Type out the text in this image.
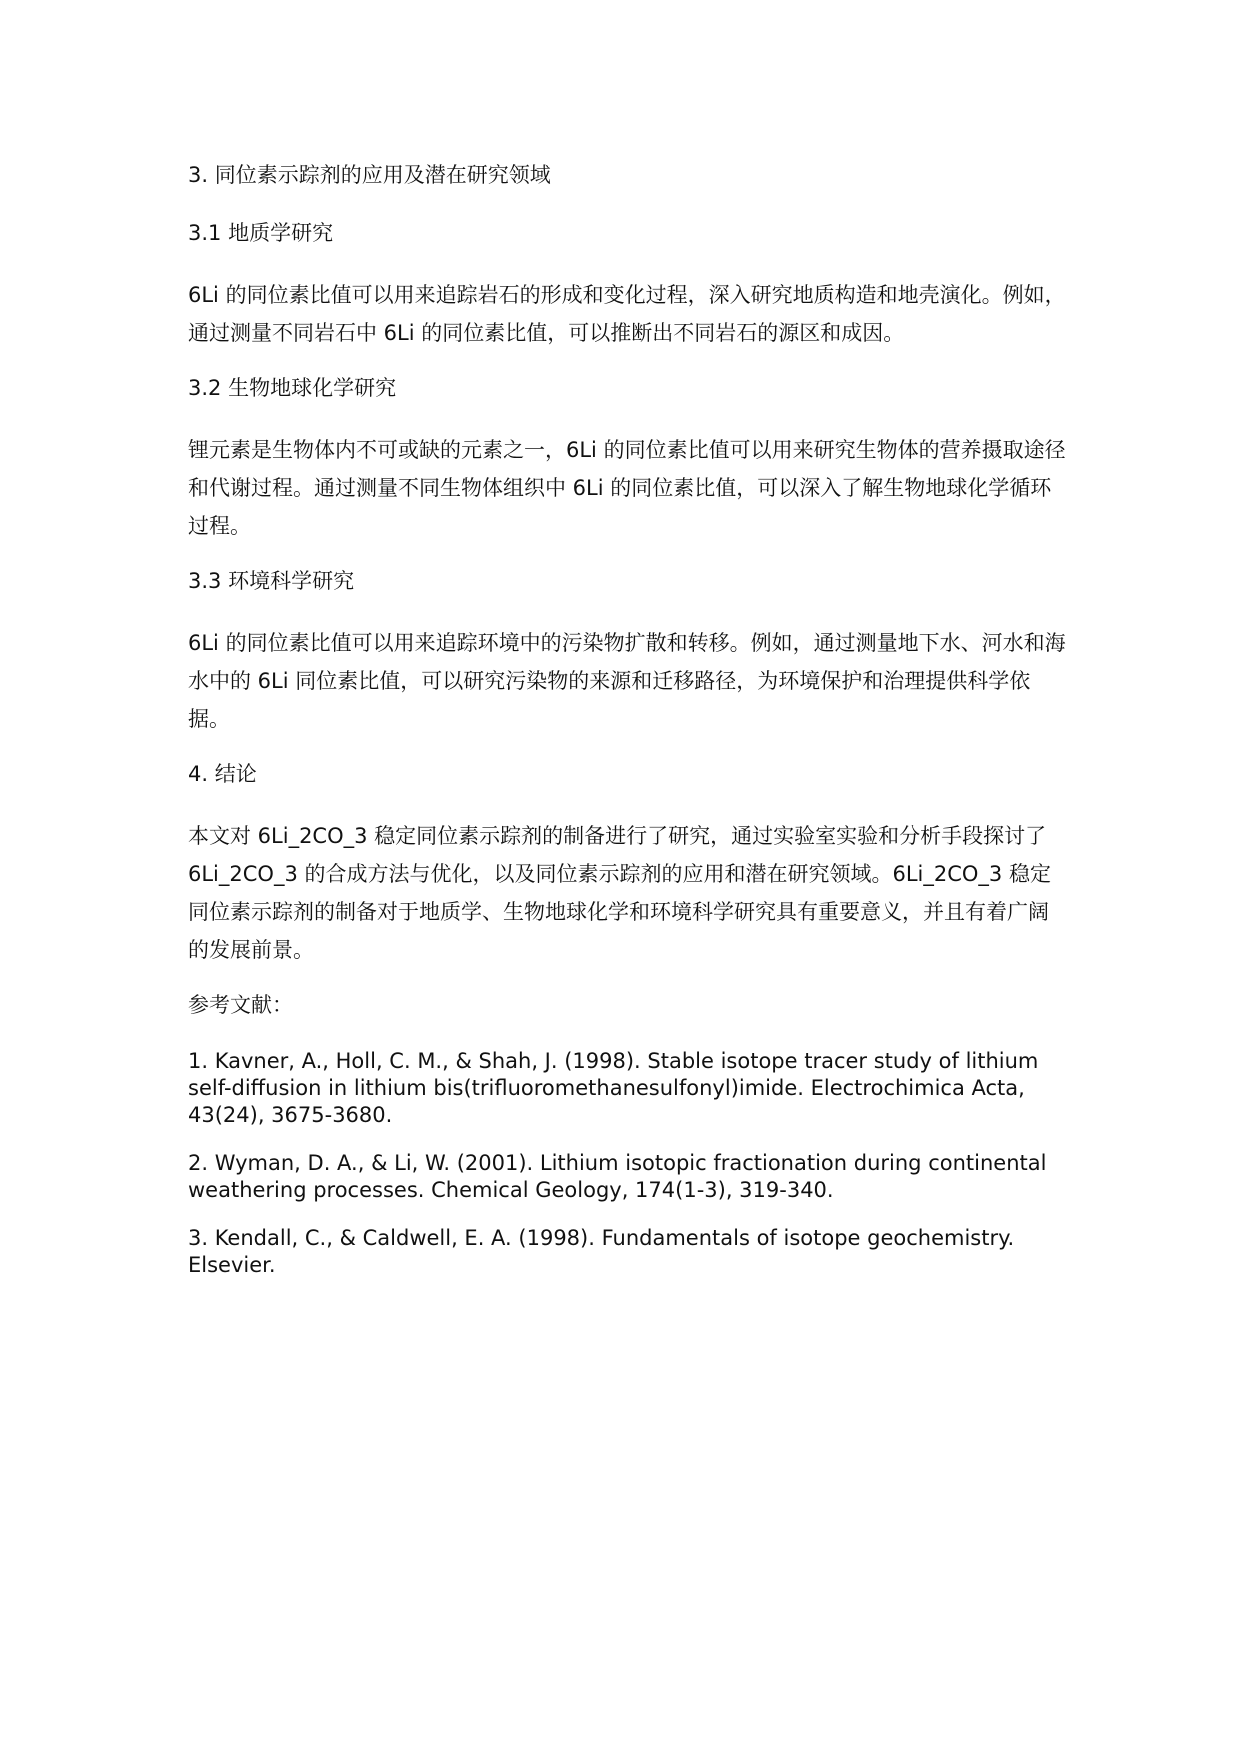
3. 同位素示踪剂的应用及潜在研究领域
3.1 地质学研究
6Li 的同位素比值可以用来追踪岩石的形成和变化过程，深入研究地质构造和地壳演化。例如，通过测量不同岩石中 6Li 的同位素比值，可以推断出不同岩石的源区和成因。
3.2 生物地球化学研究
锂元素是生物体内不可或缺的元素之一，6Li 的同位素比值可以用来研究生物体的营养摄取途径和代谢过程。通过测量不同生物体组织中 6Li 的同位素比值，可以深入了解生物地球化学循环过程。
3.3 环境科学研究
6Li 的同位素比值可以用来追踪环境中的污染物扩散和转移。例如，通过测量地下水、河水和海水中的 6Li 同位素比值，可以研究污染物的来源和迁移路径，为环境保护和治理提供科学依据。
4. 结论
本文对 6Li_2CO_3 稳定同位素示踪剂的制备进行了研究，通过实验室实验和分析手段探讨了 6Li_2CO_3 的合成方法与优化，以及同位素示踪剂的应用和潜在研究领域。6Li_2CO_3 稳定同位素示踪剂的制备对于地质学、生物地球化学和环境科学研究具有重要意义，并且有着广阔的发展前景。
参考文献：
1. Kavner, A., Holl, C. M., & Shah, J. (1998). Stable isotope tracer study of lithium self-diffusion in lithium bis(trifluoromethanesulfonyl)imide. Electrochimica Acta, 43(24), 3675-3680.
2. Wyman, D. A., & Li, W. (2001). Lithium isotopic fractionation during continental weathering processes. Chemical Geology, 174(1-3), 319-340.
3. Kendall, C., & Caldwell, E. A. (1998). Fundamentals of isotope geochemistry. Elsevier.
